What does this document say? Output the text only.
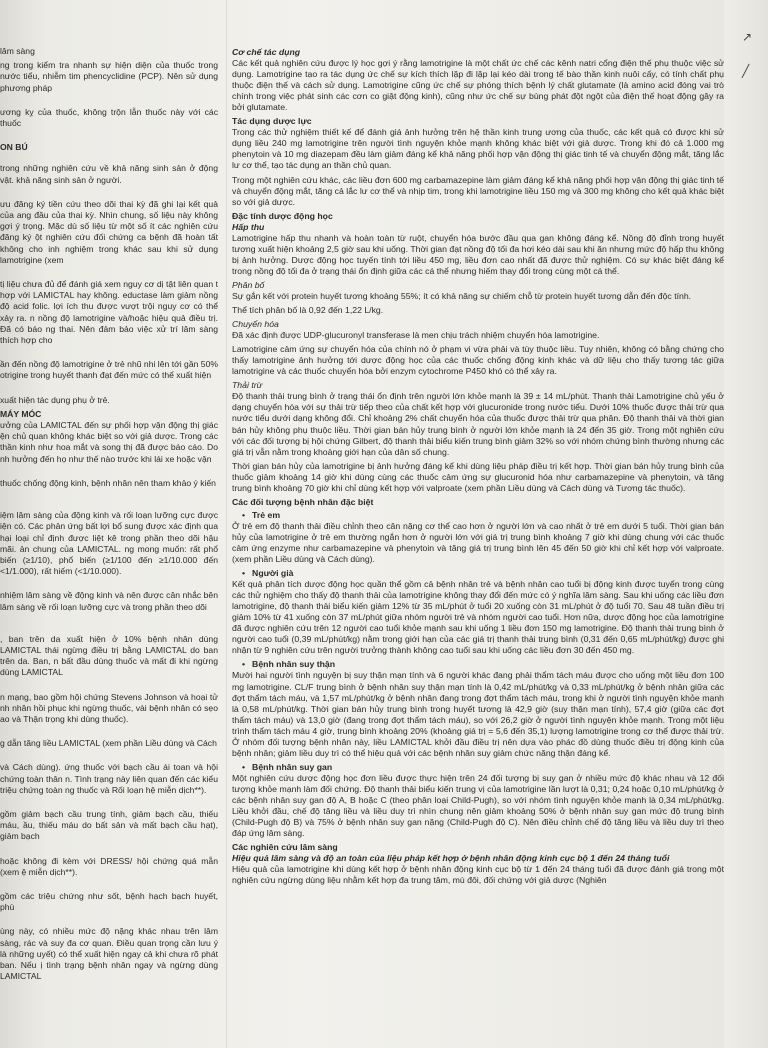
lâm sàng
ng trong kiểm tra nhanh sự hiện diện của thuốc trong nước tiểu, nhiễm tim phencyclidine (PCP). Nên sử dụng phương pháp
ương kỵ của thuốc, không trộn lẫn thuốc này với các thuốc
ON BÚ
trong những nghiên cứu về khả năng sinh sản ở động vật. khả năng sinh sản ở người.
ưu đăng ký tiền cứu theo dõi thai kỳ đã ghi lại kết quả của ang đầu của thai kỳ. Nhìn chung, số liệu này không gợi ý trọng. Mặc dù số liệu từ một số ít các nghiên cứu đăng ký ột nghiên cứu đối chứng ca bệnh đã hoàn tất không cho inh nghiệm trong khác sau khi sử dụng lamotrigine (xem
tị liệu chưa đủ để đánh giá xem nguy cơ dị tật liên quan t hợp với LAMICTAL hay không. eductase làm giảm nồng độ acid folic. lợi ích thu được vượt trội nguy cơ có thể xảy ra. n nồng độ lamotrigine và/hoặc hiệu quả điều trị. Đã có báo ng thai. Nên đảm bảo việc xử trí lâm sàng thích hợp cho
ần đến nồng độ lamotrigine ở trẻ nhũ nhi lên tới gần 50% otrigine trong huyết thanh đạt đến mức có thể xuất hiện
xuất hiện tác dụng phụ ở trẻ.
MÁY MÓC
ưởng của LAMICTAL đến sự phối hợp vận động thị giác ện chủ quan không khác biệt so với giả dược. Trong các thần kinh như hoa mắt và song thị đã được báo cáo. Do nh hưởng đến họ như thế nào trước khi lái xe hoặc vận
thuốc chống động kinh, bệnh nhân nên tham khảo ý kiến
iệm lâm sàng của động kinh và rối loạn lưỡng cực được iện có. Các phản ứng bất lợi bổ sung được xác định qua hại loại chỉ định được liệt kê trong phần theo dõi hậu mãi. ản chung của LAMICTAL. ng mong muốn: rất phổ biến (≥1/10), phổ biến (≥1/100 đến ≥1/10.000 đến <1/1.000), rất hiếm (<1/10.000).
nhiệm lâm sàng về động kinh và nên được cân nhắc bên lâm sàng về rối loạn lưỡng cực và trong phần theo dõi
, ban trên da xuất hiện ở 10% bệnh nhân dùng LAMICTAL thái ngừng điều trị bằng LAMICTAL do ban trên da. Ban, n bất đầu dùng thuốc và mất đi khi ngừng dùng LAMICTAL
n mạng, bao gồm hội chứng Stevens Johnson và hoại tử nh nhân hồi phục khi ngừng thuốc, vài bệnh nhân có sẹo ao và Thận trọng khi dùng thuốc).
g dẫn tăng liều LAMICTAL (xem phần Liều dùng và Cách
và Cách dùng). ứng thuốc với bạch cầu ái toan và hội chứng toàn thân n. Tình trạng này liên quan đến các kiểu triệu chứng toàn ng thuốc và Rối loạn hệ miễn dịch**).
gồm giảm bạch cầu trung tính, giảm bạch cầu, thiếu máu, ầu, thiếu máu do bất sản và mất bạch cầu hạt), giảm bạch
hoặc không đi kèm với DRESS/ hội chứng quá mẫn (xem ệ miễn dịch**).
gồm các triệu chứng như sốt, bệnh hạch bạch huyết, phù
ùng này, có nhiều mức độ nặng khác nhau trên lâm sàng, rác và suy đa cơ quan. Điều quan trọng cần lưu ý là những uyết) có thể xuất hiện ngay cả khi chưa rõ phát ban. Nếu ị tình trạng bệnh nhân ngay và ngừng dùng LAMICTAL
Cơ chế tác dụng
Các kết quả nghiên cứu được lý học gợi ý rằng lamotrigine là một chất ức chế các kênh natri cổng điện thế phụ thuộc việc sử dụng. Lamotrigine tạo ra tác dụng ức chế sự kích thích lặp đi lặp lại kéo dài trong tế bào thần kinh nuôi cấy, có tính chất phụ thuộc điện thế và cách sử dụng. Lamotrigine cũng ức chế sự phóng thích bệnh lý chất glutamate (là amino acid đóng vai trò chính trong việc phát sinh các cơn co giật động kinh), cũng như ức chế sự bùng phát đột ngột của điện thế hoạt động gây ra bởi glutamate.
Tác dụng dược lực
Trong các thử nghiệm thiết kế để đánh giá ảnh hưởng trên hệ thần kinh trung ương của thuốc, các kết quả có được khi sử dụng liều 240 mg lamotrigine trên người tình nguyện khỏe mạnh không khác biệt với giả dược. Trong khi đó cả 1.000 mg phenytoin và 10 mg diazepam đều làm giảm đáng kể khả năng phối hợp vận động thị giác tinh tế và chuyển động mắt, tăng lắc lư cơ thể, tạo tác dụng an thần chủ quan.
Trong một nghiên cứu khác, các liều đơn 600 mg carbamazepine làm giảm đáng kể khả năng phối hợp vận động thị giác tinh tế và chuyển động mắt, tăng cả lắc lư cơ thể và nhịp tim, trong khi lamotrigine liều 150 mg và 300 mg không cho kết quả khác biệt so với giả dược.
Đặc tính dược động học
Hấp thu
Lamotrigine hấp thu nhanh và hoàn toàn từ ruột, chuyển hóa bước đầu qua gan không đáng kể. Nồng độ đỉnh trong huyết tương xuất hiện khoảng 2,5 giờ sau khi uống. Thời gian đạt nồng độ tối đa hơi kéo dài sau khi ăn nhưng mức độ hấp thu không bị ảnh hưởng. Dược động học tuyến tính tới liều 450 mg, liều đơn cao nhất đã được thử nghiệm. Có sự khác biệt đáng kể trong nồng độ tối đa ở trạng thái ổn định giữa các cá thể nhưng hiếm thay đổi trong cùng một cá thể.
Phân bố
Sự gắn kết với protein huyết tương khoảng 55%; ít có khả năng sự chiếm chỗ từ protein huyết tương dẫn đến độc tính.
Thể tích phân bố là 0,92 đến 1,22 L/kg.
Chuyển hóa
Đã xác định được UDP-glucuronyl transferase là men chịu trách nhiệm chuyển hóa lamotrigine.
Lamotrigine cảm ứng sự chuyển hóa của chính nó ở phạm vi vừa phải và tùy thuộc liều. Tuy nhiên, không có bằng chứng cho thấy lamotrigine ảnh hưởng tới dược động học của các thuốc chống động kinh khác và dữ liệu cho thấy tương tác giữa lamotrigine và các thuốc chuyển hóa bởi enzym cytochrome P450 khó có thể xảy ra.
Thải trừ
Độ thanh thải trung bình ở trạng thái ổn định trên người lớn khỏe mạnh là 39 ± 14 mL/phút. Thanh thải Lamotrigine chủ yếu ở dạng chuyển hóa với sự thải trừ tiếp theo của chất kết hợp với glucuronide trong nước tiểu. Dưới 10% thuốc được thải trừ qua nước tiểu dưới dạng không đổi. Chỉ khoảng 2% chất chuyển hóa của thuốc được thải trừ qua phân. Độ thanh thải và thời gian bán hủy không phụ thuộc liều. Thời gian bán hủy trung bình ở người lớn khỏe mạnh là 24 đến 35 giờ. Trong một nghiên cứu với các đối tượng bị hội chứng Gilbert, độ thanh thải biểu kiến trung bình giảm 32% so với nhóm chứng bình thường nhưng các giá trị vẫn nằm trong khoảng giới hạn của dân số chung.
Thời gian bán hủy của lamotrigine bị ảnh hưởng đáng kể khi dùng liệu pháp điều trị kết hợp. Thời gian bán hủy trung bình của thuốc giảm khoảng 14 giờ khi dùng cùng các thuốc cảm ứng sự glucuronid hóa như carbamazepine và phenytoin, và tăng trung bình khoảng 70 giờ khi chỉ dùng kết hợp với valproate (xem phần Liều dùng và Cách dùng và Tương tác thuốc).
Các đối tượng bệnh nhân đặc biệt
• Trẻ em
Ở trẻ em độ thanh thải điều chỉnh theo cân nặng cơ thể cao hơn ở người lớn và cao nhất ở trẻ em dưới 5 tuổi. Thời gian bán hủy của lamotrigine ở trẻ em thường ngắn hơn ở người lớn với giá trị trung bình khoảng 7 giờ khi dùng chung với các thuốc cảm ứng enzyme như carbamazepine và phenytoin và tăng giá trị trung bình lên 45 đến 50 giờ khi chỉ kết hợp với valproate. (xem phần Liều dùng và Cách dùng).
• Người già
Kết quả phân tích dược động học quần thể gồm cả bệnh nhân trẻ và bệnh nhân cao tuổi bị động kinh được tuyển trong cùng các thử nghiệm cho thấy độ thanh thải của lamotrigine không thay đổi đến mức có ý nghĩa lâm sàng. Sau khi uống các liều đơn lamotrigine, độ thanh thải biểu kiến giảm 12% từ 35 mL/phút ở tuổi 20 xuống còn 31 mL/phút ở độ tuổi 70. Sau 48 tuần điều trị giảm 10% từ 41 xuống còn 37 mL/phút giữa nhóm người trẻ và nhóm người cao tuổi. Hơn nữa, dược động học của lamotrigine đã được nghiên cứu trên 12 người cao tuổi khỏe mạnh sau khi uống 1 liều đơn 150 mg lamotrigine. Độ thanh thải trung bình ở người cao tuổi (0,39 mL/phút/kg) nằm trong giới hạn của các giá trị thanh thải trung bình (0,31 đến 0,65 mL/phút/kg) được ghi nhận từ 9 nghiên cứu trên người trưởng thành không cao tuổi sau khi uống các liều đơn 30 đến 450 mg.
• Bệnh nhân suy thận
Mười hai người tình nguyện bị suy thận mạn tính và 6 người khác đang phải thẩm tách máu được cho uống một liều đơn 100 mg lamotrigine. CL/F trung bình ở bệnh nhân suy thận mạn tính là 0,42 mL/phút/kg và 0,33 mL/phút/kg ở bệnh nhân giữa các đợt thẩm tách máu, và 1,57 mL/phút/kg ở bệnh nhân đang trong đợt thẩm tách máu, trong khi ở người tình nguyện khỏe mạnh là 0,58 mL/phút/kg. Thời gian bán hủy trung bình trong huyết tương là 42,9 giờ (suy thận mạn tính), 57,4 giờ (giữa các đợt thẩm tách máu) và 13,0 giờ (đang trong đợt thẩm tách máu), so với 26,2 giờ ở người tình nguyện khỏe mạnh. Trong một liệu trình thẩm tách máu 4 giờ, trung bình khoảng 20% (khoảng giá trị = 5,6 đến 35,1) lượng lamotrigine trong cơ thể được thải trừ. Ở nhóm đối tượng bệnh nhân này, liều LAMICTAL khởi đầu điều trị nên dựa vào phác đồ dùng thuốc điều trị động kinh của bệnh nhân; giảm liều duy trì có thể hiệu quả với các bệnh nhân suy giảm chức năng thận đáng kể.
• Bệnh nhân suy gan
Một nghiên cứu dược động học đơn liều được thực hiện trên 24 đối tượng bị suy gan ở nhiều mức độ khác nhau và 12 đối tượng khỏe mạnh làm đối chứng. Độ thanh thải biểu kiến trung vị của lamotrigine lần lượt là 0,31; 0,24 hoặc 0,10 mL/phút/kg ở các bệnh nhân suy gan độ A, B hoặc C (theo phân loại Child-Pugh), so với nhóm tình nguyện khỏe mạnh là 0,34 mL/phút/kg. Liều khởi đầu, chế độ tăng liều và liều duy trì nhìn chung nên giảm khoảng 50% ở bệnh nhân suy gan mức độ trung bình (Child-Pugh độ B) và 75% ở bệnh nhân suy gan nặng (Child-Pugh độ C). Nên điều chỉnh chế độ tăng liều và liều duy trì theo đáp ứng lâm sàng.
Các nghiên cứu lâm sàng
Hiệu quả lâm sàng và độ an toàn của liệu pháp kết hợp ở bệnh nhân động kinh cục bộ 1 đến 24 tháng tuổi
Hiệu quả của lamotrigine khi dùng kết hợp ở bệnh nhân động kinh cục bộ từ 1 đến 24 tháng tuổi đã được đánh giá trong một nghiên cứu ngừng dùng liệu nhằm kết hợp đa trung tâm, mù đôi, đối chứng với giả dược (Nghiên
↗
╱
